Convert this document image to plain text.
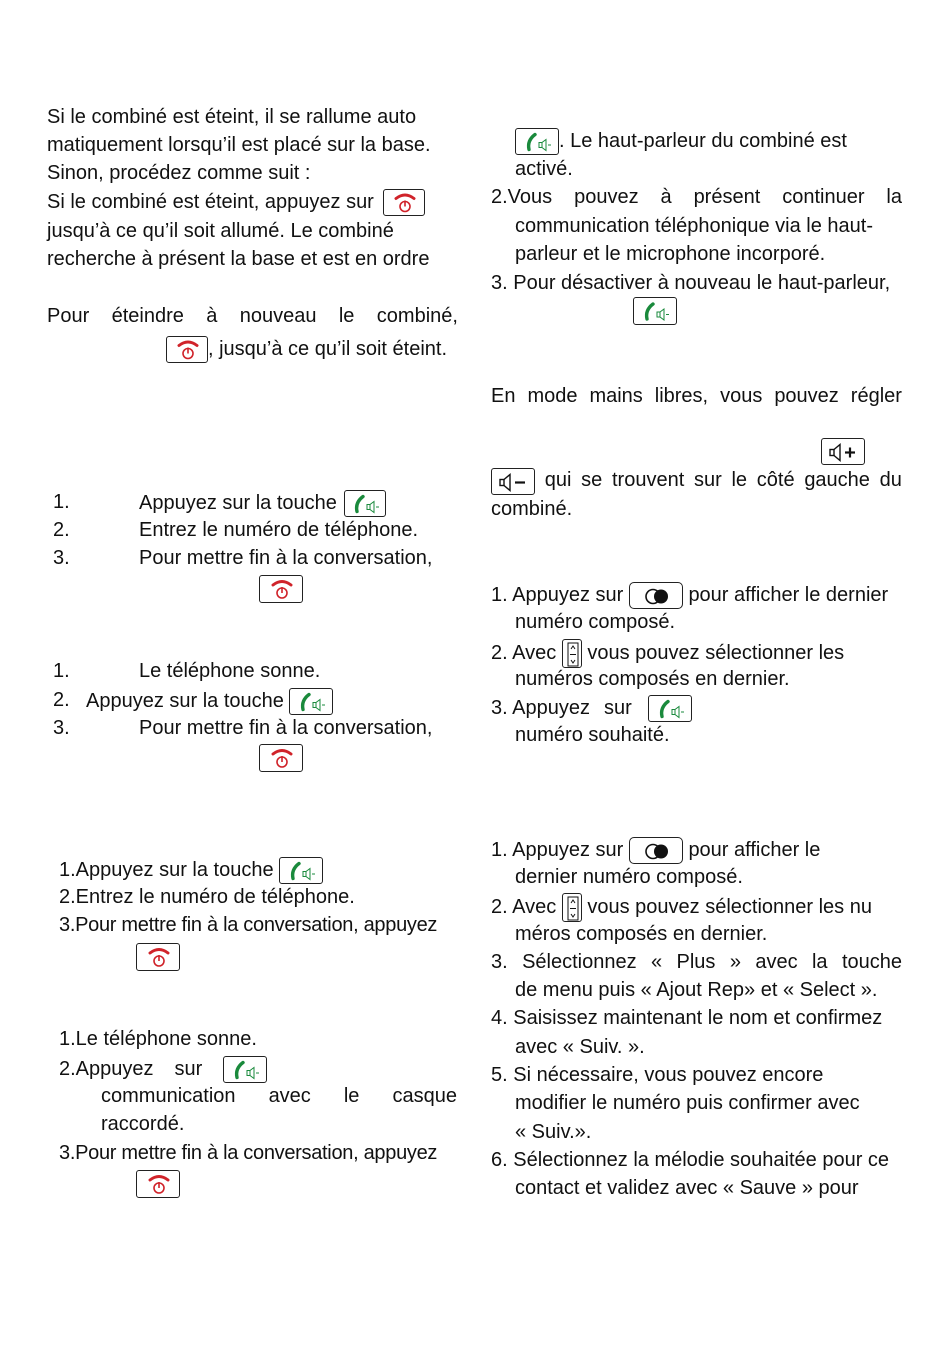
Si le combiné est éteint, il se rallume auto
matiquement lorsqu’il est placé sur la base.
Sinon, procédez comme suit :
Si le combiné est éteint, appuyez sur
jusqu’à ce qu’il soit allumé. Le combiné
recherche à présent la base et est en ordre
Pour éteindre à nouveau le combiné,
, jusqu’à ce qu’il soit éteint.
1.	Appuyez sur la touche
2.	Entrez le numéro de téléphone.
3.	Pour mettre fin à la conversation,
1.	Le téléphone sonne.
2. Appuyez sur la touche
3.	Pour mettre fin à la conversation,
1.Appuyez sur la touche
2.Entrez le numéro de téléphone.
3.Pour mettre fin à la conversation, appuyez
1.Le téléphone sonne.
2.Appuyez sur
communication avec le casque
raccordé.
3.Pour mettre fin à la conversation, appuyez
. Le haut-parleur du combiné est
activé.
2.Vous pouvez à présent continuer la
communication téléphonique via le haut-
parleur et le microphone incorporé.
3. Pour désactiver à nouveau le haut-parleur,
En mode mains libres, vous pouvez régler
qui se trouvent sur le côté gauche du
combiné.
1. Appuyez sur	pour afficher le dernier
numéro composé.
2. Avec vous pouvez sélectionner les
numéros composés en dernier.
3. Appuyez sur
numéro souhaité.
1. Appuyez sur	pour afficher le
dernier numéro composé.
2. Avec vous pouvez sélectionner les nu
méros composés en dernier.
3. Sélectionnez « Plus » avec la touche
de menu puis « Ajout Rep» et « Select ».
4. Saisissez maintenant le nom et confirmez
avec « Suiv. ».
5. Si nécessaire, vous pouvez encore
modifier le numéro puis confirmer avec
« Suiv.».
6. Sélectionnez la mélodie souhaitée pour ce
contact et validez avec « Sauve » pour
